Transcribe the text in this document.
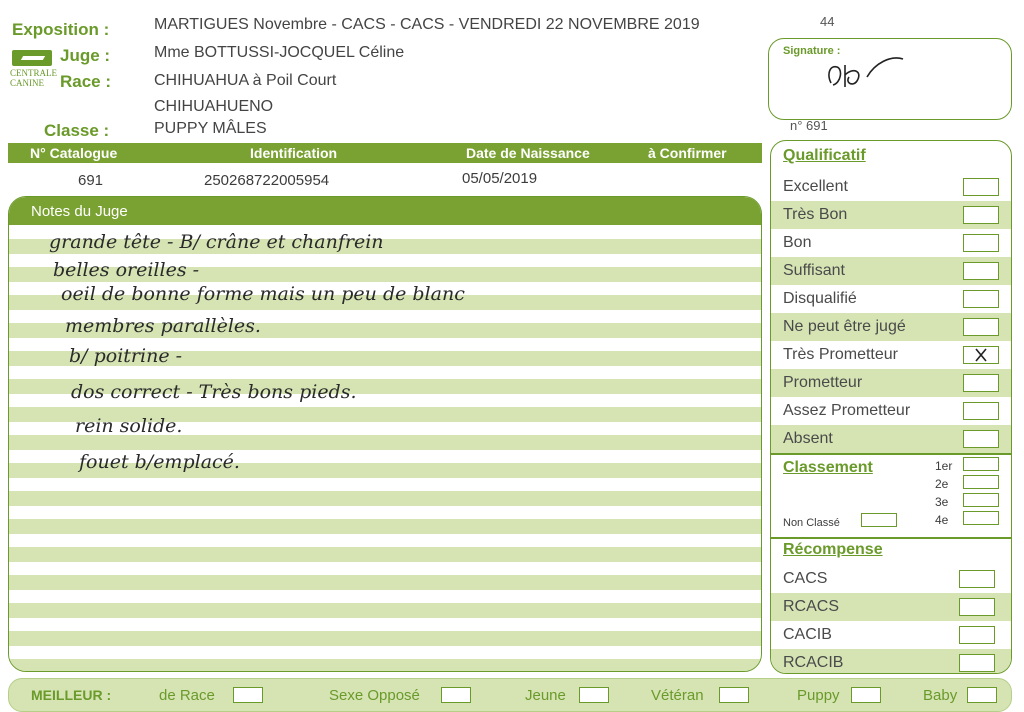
Exposition :	MARTIGUES Novembre - CACS - CACS - VENDREDI 22 NOVEMBRE 2019	44
CENTRALE
CANINE
Juge :	Mme BOTTUSSI-JOCQUEL Céline
Race :	CHIHUAHUA à Poil Court
CHIHUAHUENO
Classe :	PUPPY MÂLES
Signature :
n° 691
N° Catalogue	Identification	Date de Naissance	à Confirmer
691	250268722005954	05/05/2019
Notes du Juge
grande tête - B/ crâne et chanfrein
belles oreilles -
oeil de bonne forme mais un peu de blanc
membres parallèles.
b/ poitrine -
dos correct - Très bons pieds.
rein solide.
fouet b/emplacé.
Qualificatif
Excellent
Très Bon
Bon
Suffisant
Disqualifié
Ne peut être jugé
Très Prometteur
Prometteur
Assez Prometteur
Absent
Classement	1er
2e
3e
4e
Non Classé
Récompense
CACS
RCACS
CACIB
RCACIB
MEILLEUR :	de Race	Sexe Opposé	Jeune	Vétéran	Puppy	Baby
